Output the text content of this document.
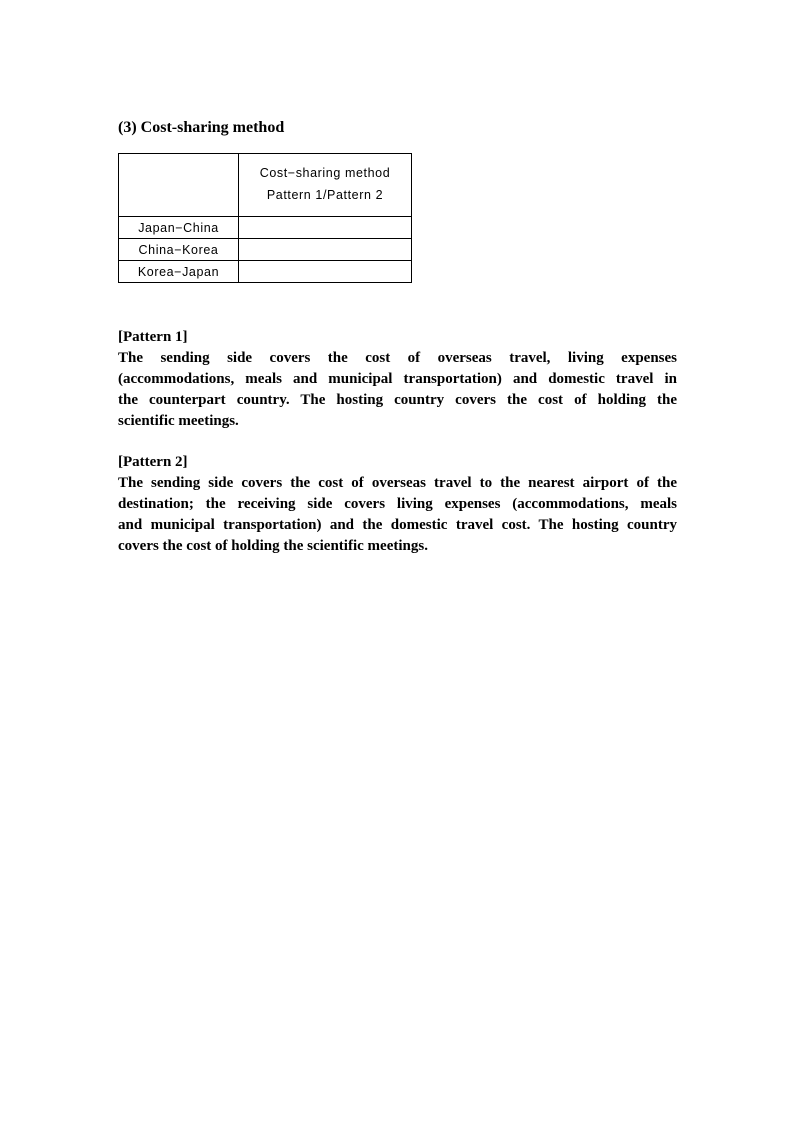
(3) Cost-sharing method

	Cost−sharing method
Pattern 1/Pattern 2

Japan−China	
China−Korea	
Korea−Japan	
[Pattern 1]
The sending side covers the cost of overseas travel, living expenses
(accommodations, meals and municipal transportation) and domestic travel in
the counterpart country. The hosting country covers the cost of holding the
scientific meetings.
[Pattern 2]
The sending side covers the cost of overseas travel to the nearest airport of the
destination; the receiving side covers living expenses (accommodations, meals
and municipal transportation) and the domestic travel cost. The hosting country
covers the cost of holding the scientific meetings.
